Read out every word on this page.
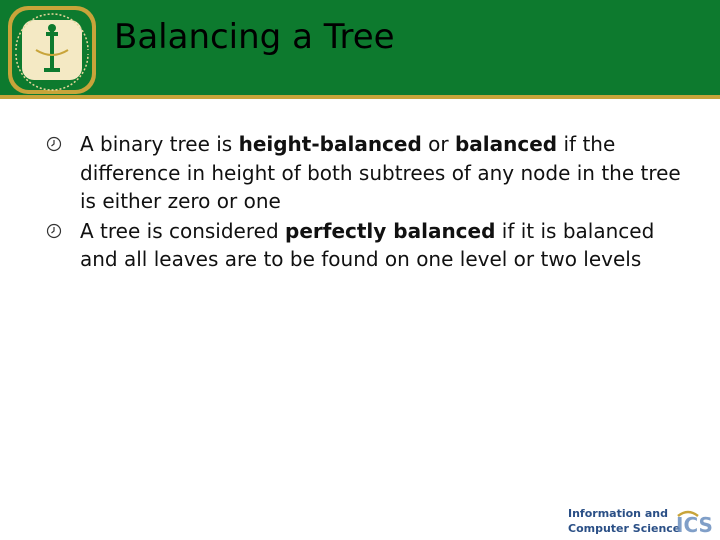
Balancing a Tree
A binary tree is height-balanced or balanced if the difference in height of both subtrees of any node in the tree is either zero or one
A tree is considered perfectly balanced if it is balanced and all leaves are to be found on one level or two levels
Information and
Computer Science
ICS
